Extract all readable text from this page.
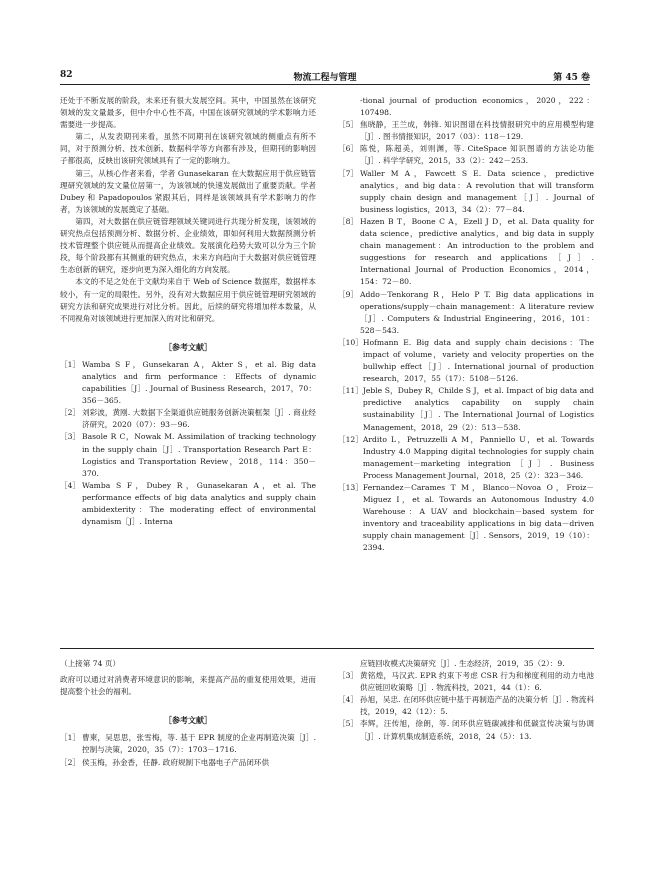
82	物流工程与管理	第 45 卷

还处于不断发展的阶段，未来还有很大发展空间。其中，中国虽然在该研究领域的发文量最多，但中介中心性不高，中国在该研究领域的学术影响力还需要进一步提高。

第二，从发表期刊来看，虽然不同期刊在该研究领域的侧重点有所不同，对于预测分析、技术创新、数据科学等方向都有涉及，但期刊的影响因子都很高，反映出该研究领域具有了一定的影响力。

第三，从核心作者来看，学者 Gunasekaran 在大数据应用于供应链管理研究领域的发文量位居第一，为该领域的快速发展做出了重要贡献。学者 Dubey 和 Papadopoulos 紧跟其后，同样是该领域具有学术影响力的作者，为该领域的发展奠定了基础。

第四，对大数据在供应链管理领域关键词进行共现分析发现，该领域的研究热点包括预测分析、数据分析、企业绩效，即如何利用大数据预测分析技术管理整个供应链从而提高企业绩效。发展演化趋势大致可以分为三个阶段，每个阶段都有其侧重的研究热点，未来方向趋向于大数据对供应链管理生态创新的研究，逐步向更为深入细化的方向发展。

本文的不足之处在于文献均来自于 Web of Science 数据库，数据样本较小，有一定的局限性。另外，没有对大数据应用于供应链管理研究领域的研究方法和研究成果进行对比分析。因此，后续的研究将增加样本数量，从不同视角对该领域进行更加深入的对比和研究。

［参考文献］
［1］ Wamba S F，Gunsekaran A，Akter S，et al. Big data analytics and firm performance：Effects of dynamic capabilities［J］. Journal of Business Research，2017，70：356－365.
［2］ 刘彩波，黄刚. 大数据下全渠道供应链服务创新决策框架［J］. 商业经济研究，2020（07）：93－96.
［3］ Basole R C，Nowak M. Assimilation of tracking technology in the supply chain［J］. Transportation Research Part E：Logistics and Transportation Review，2018，114：350－370.
［4］ Wamba S F，Dubey R，Gunasekaran A，et al. The performance effects of big data analytics and supply chain ambidexterity：The moderating effect of environmental dynamism［J］. Interna
-tional journal of production economics，2020，222：107498.
［5］ 焦晓静，王兰成，韩锋. 知识图谱在科技情报研究中的应用模型构建［J］. 图书情报知识，2017（03）：118－129.
［6］ 陈悦，陈超美，刘则渊，等. CiteSpace 知识图谱的方法论功能［J］. 科学学研究，2015，33（2）：242－253.
［7］ Waller M A，Fawcett S E. Data science，predictive analytics，and big data：A revolution that will transform supply chain design and management［J］. Journal of business logistics，2013，34（2）：77－84.
［8］ Hazen B T，Boone C A，Ezell J D，et al. Data quality for data science，predictive analytics，and big data in supply chain management：An introduction to the problem and suggestions for research and applications［J］. International Journal of Production Economics，2014，154：72－80.
［9］ Addo－Tenkorang R，Helo P T. Big data applications in operations/supply－chain management：A literature review［J］. Computers & Industrial Engineering，2016，101：528－543.
［10］ Hofmann E. Big data and supply chain decisions：The impact of volume，variety and velocity properties on the bullwhip effect［J］. International journal of production research，2017，55（17）：5108－5126.
［11］ Jeble S，Dubey R，Childe S J，et al. Impact of big data and predictive analytics capability on supply chain sustainability［J］. The International Journal of Logistics Management，2018，29（2）：513－538.
［12］ Ardito L，Petruzzelli A M，Panniello U，et al. Towards Industry 4.0 Mapping digital technologies for supply chain management－marketing integration［J］. Business Process Management Journal，2018，25（2）：323－346.
［13］ Fernandez－Carames T M，Blanco－Novoa O，Froiz－Miguez I，et al. Towards an Autonomous Industry 4.0 Warehouse：A UAV and blockchain－based system for inventory and traceability applications in big data－driven supply chain management［J］. Sensors，2019，19（10）：2394.
（上接第 74 页）

政府可以通过对消费者环境意识的影响，来提高产品的重复使用效果，进而提高整个社会的福利。

［参考文献］
［1］ 曹柬，吴思思，张雪梅，等. 基于 EPR 制度的企业再制造决策［J］. 控制与决策，2020，35（7）：1703－1716.
［2］ 侯玉梅，孙金香，任静. 政府规制下电器电子产品闭环供
应链回收模式决策研究［J］. 生态经济，2019，35（2）：9.
［3］ 黄铭煌，马汉武. EPR 约束下考虑 CSR 行为和梯度利用的动力电池供应链回收策略［J］. 物流科技，2021，44（1）：6.
［4］ 孙旭，吴忠. 在闭环供应链中基于再制造产品的决策分析［J］. 物流科技，2019，42（12）：5.
［5］ 李辉，汪传旭，徐朗，等. 闭环供应链碳减排和低碳宣传决策与协调［J］. 计算机集成制造系统，2018，24（5）：13.
